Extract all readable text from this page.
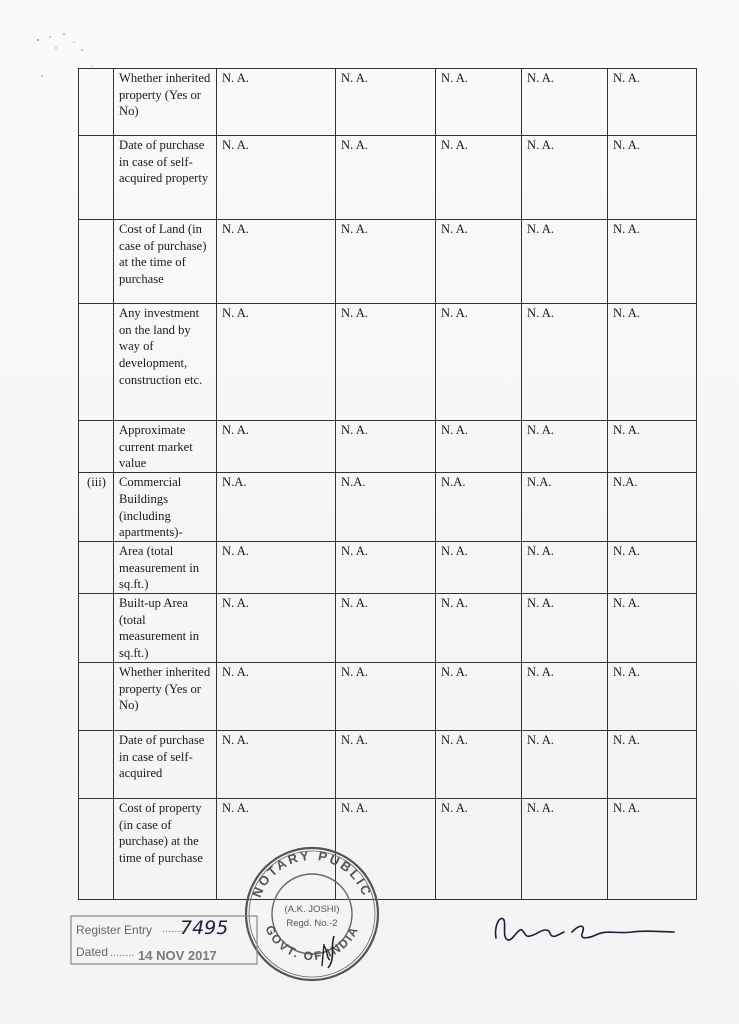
	Whether inherited property (Yes or No)	N. A.	N. A.	N. A.	N. A.	N. A.
	Date of purchase in case of self-acquired property	N. A.	N. A.	N. A.	N. A.	N. A.
	Cost of Land (in case of purchase) at the time of purchase	N. A.	N. A.	N. A.	N. A.	N. A.
	Any investment on the land by way of development, construction etc.	N. A.	N. A.	N. A.	N. A.	N. A.
	Approximate current market value	N. A.	N. A.	N. A.	N. A.	N. A.
(iii)	Commercial Buildings (including apartments)-	N.A.	N.A.	N.A.	N.A.	N.A.
	Area (total measurement in sq.ft.)	N. A.	N. A.	N. A.	N. A.	N. A.
	Built-up Area (total measurement in sq.ft.)	N. A.	N. A.	N. A.	N. A.	N. A.
	Whether inherited property (Yes or No)	N. A.	N. A.	N. A.	N. A.	N. A.
	Date of purchase in case of self-acquired	N. A.	N. A.	N. A.	N. A.	N. A.
	Cost of property (in case of purchase) at the time of purchase	N. A.	N. A.	N. A.	N. A.	N. A.
NOTARY PUBLIC
GOVT. OF INDIA
(A.K. JOSHI)
Regd. No.-2
Register Entry .......
7495
Dated ........ 14 NOV 2017
